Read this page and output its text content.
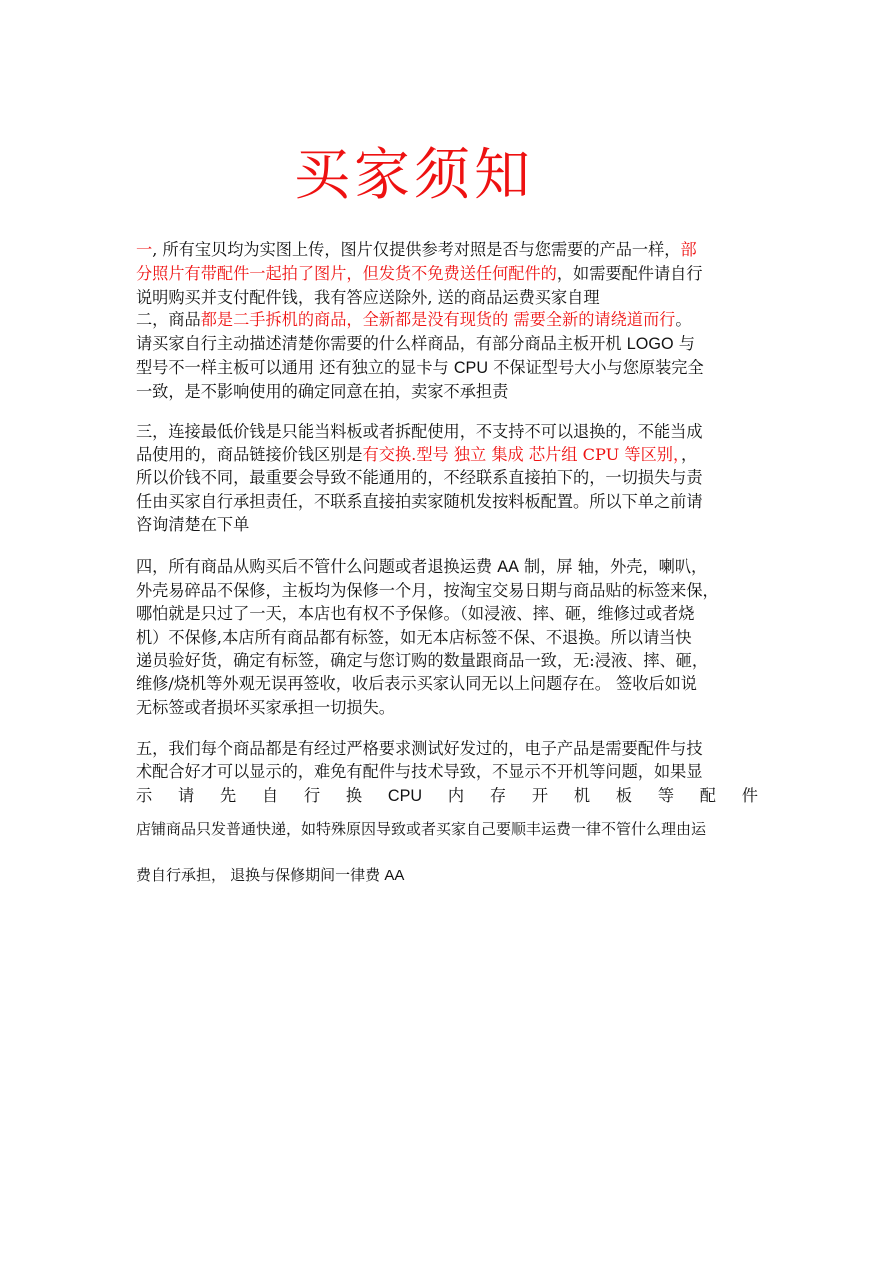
买家须知
一, 所有宝贝均为实图上传，图片仅提供参考对照是否与您需要的产品一样，部
分照片有带配件一起拍了图片，但发货不免费送任何配件的，如需要配件请自行
说明购买并支付配件钱，我有答应送除外, 送的商品运费买家自理
二，商品都是二手拆机的商品，全新都是没有现货的 需要全新的请绕道而行。
请买家自行主动描述清楚你需要的什么样商品，有部分商品主板开机 LOGO 与
型号不一样主板可以通用 还有独立的显卡与 CPU 不保证型号大小与您原装完全
一致，是不影响使用的确定同意在拍，卖家不承担责
三，连接最低价钱是只能当料板或者拆配使用，不支持不可以退换的，不能当成
品使用的，商品链接价钱区别是有交换.型号 独立 集成 芯片组 CPU 等区别，，
所以价钱不同，最重要会导致不能通用的，不经联系直接拍下的，一切损失与责
任由买家自行承担责任，不联系直接拍卖家随机发按料板配置。所以下单之前请
咨询清楚在下单
四，所有商品从购买后不管什么问题或者退换运费 AA 制，屏 轴，外壳，喇叭，
外壳易碎品不保修，主板均为保修一个月，按淘宝交易日期与商品贴的标签来保，
哪怕就是只过了一天，本店也有权不予保修。（如浸液、摔、砸，维修过或者烧
机）不保修,本店所有商品都有标签，如无本店标签不保、不退换。所以请当快
递员验好货，确定有标签，确定与您订购的数量跟商品一致，无:浸液、摔、砸，
维修/烧机等外观无误再签收，收后表示买家认同无以上问题存在。 签收后如说
无标签或者损坏买家承担一切损失。
五，我们每个商品都是有经过严格要求测试好发过的，电子产品是需要配件与技
术配合好才可以显示的，难免有配件与技术导致，不显示不开机等问题，如果显
示 请 先 自 行 换 CPU 内 存 开 机 板 等 配 件
店铺商品只发普通快递，如特殊原因导致或者买家自己要顺丰运费一律不管什么理由运
费自行承担， 退换与保修期间一律费 AA
